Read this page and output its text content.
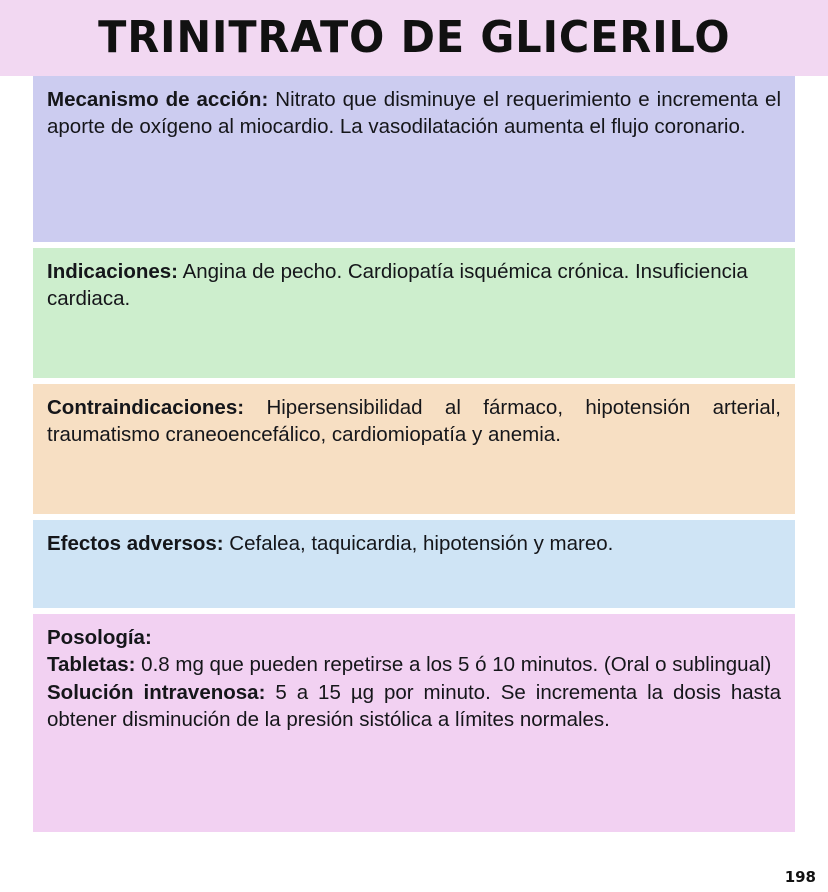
TRINITRATO DE GLICERILO

Mecanismo de acción: Nitrato que disminuye el requerimiento e incrementa el aporte de oxígeno al miocardio. La vasodilatación aumenta el flujo coronario.

Indicaciones: Angina de pecho. Cardiopatía isquémica crónica. Insuficiencia cardiaca.

Contraindicaciones: Hipersensibilidad al fármaco, hipotensión arterial, traumatismo craneoencefálico, cardiomiopatía y anemia.

Efectos adversos: Cefalea, taquicardia, hipotensión y mareo.

Posología:

Tabletas: 0.8 mg que pueden repetirse a los 5 ó 10 minutos. (Oral o sublingual)

Solución intravenosa: 5 a 15 µg por minuto. Se incrementa la dosis hasta obtener disminución de la presión sistólica a límites normales.

198
